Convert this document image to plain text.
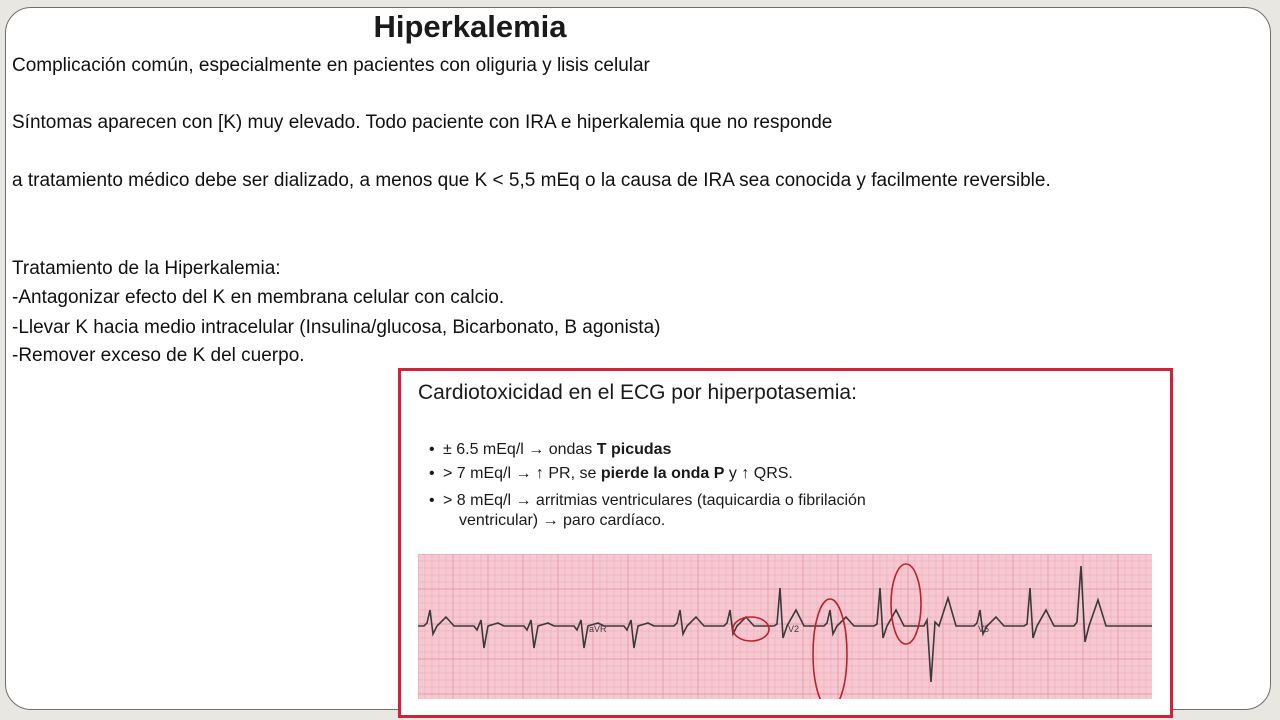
Hiperkalemia
Complicación común, especialmente en pacientes con oliguria y lisis celular
Síntomas aparecen con [K) muy elevado. Todo paciente con IRA e hiperkalemia que no responde
a tratamiento médico debe ser dializado, a menos que K < 5,5 mEq o la causa de IRA sea conocida y facilmente reversible.
Tratamiento de la Hiperkalemia:
-Antagonizar efecto del K en membrana celular con calcio.
-Llevar K hacia medio intracelular (Insulina/glucosa, Bicarbonato, B agonista)
-Remover exceso de K del cuerpo.
Cardiotoxicidad en el ECG por hiperpotasemia:
• ± 6.5 mEq/l → ondas T picudas
• > 7 mEq/l → ↑ PR, se pierde la onda P y ↑ QRS.
• > 8 mEq/l → arritmias ventriculares (taquicardia o fibrilación
ventricular) → paro cardíaco.
aVR	V2	V5
